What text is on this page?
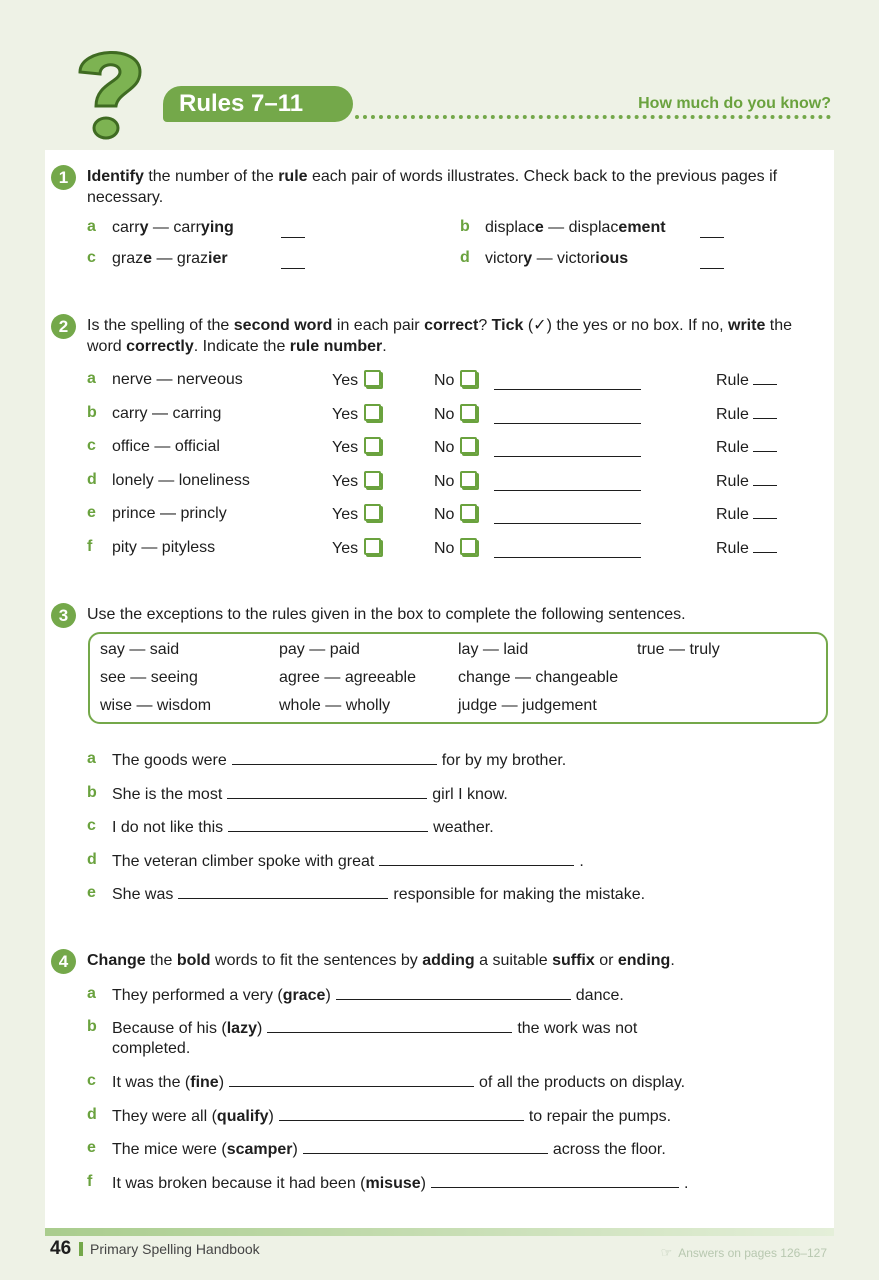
Rules 7–11	How much do you know?
1	Identify the number of the rule each pair of words illustrates. Check back to the previous pages if necessary.
a carry — carrying	b displace — displacement
c graze — grazier	d victory — victorious
2	Is the spelling of the second word in each pair correct? Tick (✓) the yes or no box. If no, write the word correctly. Indicate the rule number.
a nerve — nerveous	Yes	No	Rule
b carry — carring	Yes	No	Rule
c office — official	Yes	No	Rule
d lonely — loneliness	Yes	No	Rule
e prince — princly	Yes	No	Rule
f pity — pityless	Yes	No	Rule
3	Use the exceptions to the rules given in the box to complete the following sentences.
say — said	pay — paid	lay — laid	true — truly
see — seeing	agree — agreeable	change — changeable
wise — wisdom	whole — wholly	judge — judgement
a The goods were	for by my brother.
b She is the most	girl I know.
c I do not like this	weather.
d The veteran climber spoke with great	.
e She was	responsible for making the mistake.
4	Change the bold words to fit the sentences by adding a suitable suffix or ending.
a They performed a very (grace)	dance.
b Because of his (lazy)	the work was not
completed.
c It was the (fine)	of all the products on display.
d They were all (qualify)	to repair the pumps.
e The mice were (scamper)	across the floor.
f It was broken because it had been (misuse)	.
46 Primary Spelling Handbook	☞ Answers on pages 126–127
